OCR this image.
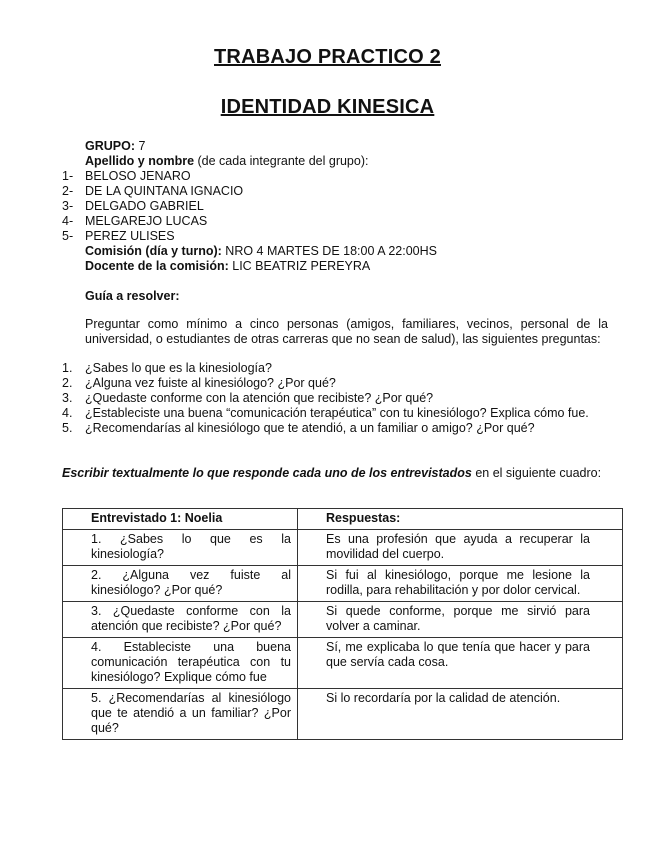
TRABAJO PRACTICO 2
IDENTIDAD KINESICA
GRUPO: 7
Apellido y nombre (de cada integrante del grupo):
1- BELOSO JENARO
2- DE LA QUINTANA IGNACIO
3- DELGADO GABRIEL
4- MELGAREJO LUCAS
5- PEREZ ULISES
Comisión (día y turno): NRO 4 MARTES DE 18:00 A 22:00HS
Docente de la comisión: LIC BEATRIZ PEREYRA
Guía a resolver:
Preguntar como mínimo a cinco personas (amigos, familiares, vecinos, personal de la universidad, o estudiantes de otras carreras que no sean de salud), las siguientes preguntas:
1.	¿Sabes lo que es la kinesiología?
2.	¿Alguna vez fuiste al kinesiólogo? ¿Por qué?
3.	¿Quedaste conforme con la atención que recibiste? ¿Por qué?
4.	¿Estableciste una buena “comunicación terapéutica” con tu kinesiólogo? Explica cómo fue.
5.	¿Recomendarías al kinesiólogo que te atendió, a un familiar o amigo? ¿Por qué?
Escribir textualmente lo que responde cada uno de los entrevistados en el siguiente cuadro:
Entrevistado 1: Noelia	Respuestas:
1. ¿Sabes lo que es la kinesiología?	Es una profesión que ayuda a recuperar la movilidad del cuerpo.
2. ¿Alguna vez fuiste al kinesiólogo? ¿Por qué?	Si fui al kinesiólogo, porque me lesione la rodilla, para rehabilitación y por dolor cervical.
3. ¿Quedaste conforme con la atención que recibiste? ¿Por qué?	Si quede conforme, porque me sirvió para volver a caminar.
4. Estableciste una buena comunicación terapéutica con tu kinesiólogo? Explique cómo fue	Sí, me explicaba lo que tenía que hacer y para que servía cada cosa.
5. ¿Recomendarías al kinesiólogo que te atendió a un familiar? ¿Por qué?	Si lo recordaría por la calidad de atención.
